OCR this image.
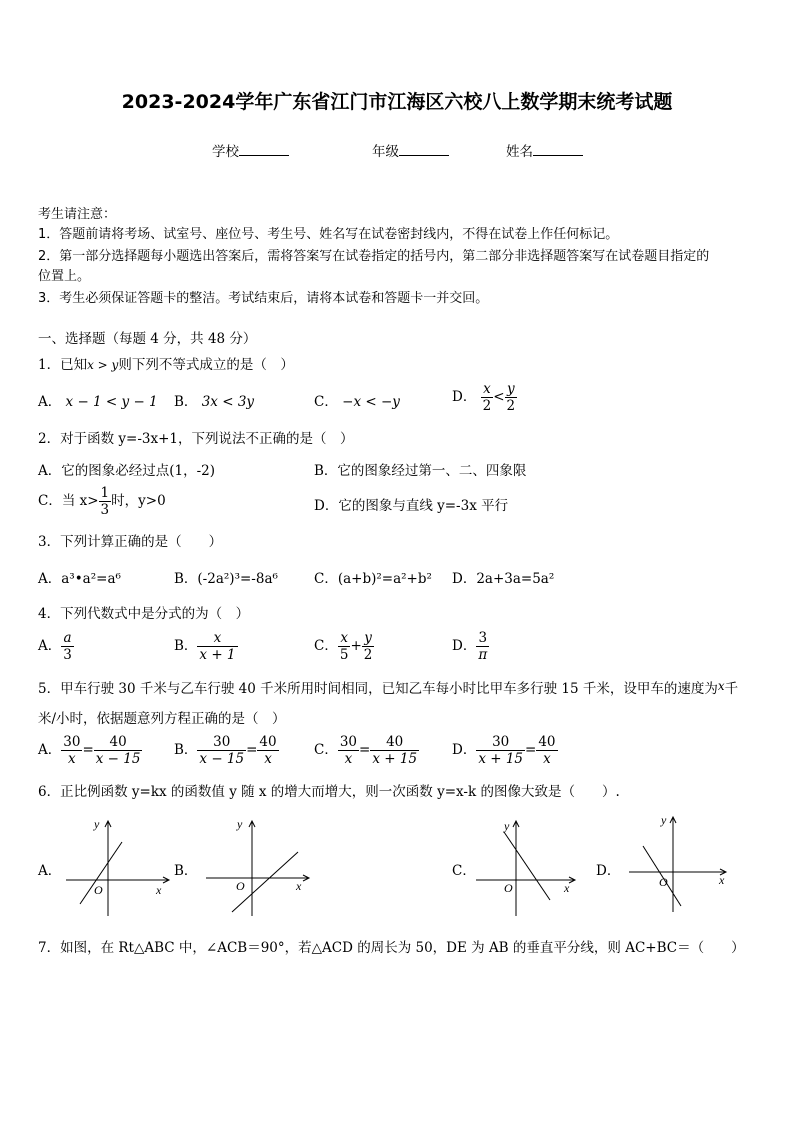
2023-2024学年广东省江门市江海区六校八上数学期末统考试题
学校	年级	姓名
考生请注意：
1．答题前请将考场、试室号、座位号、考生号、姓名写在试卷密封线内，不得在试卷上作任何标记。
2．第一部分选择题每小题选出答案后，需将答案写在试卷指定的括号内，第二部分非选择题答案写在试卷题目指定的
位置上。
3．考生必须保证答题卡的整洁。考试结束后，请将本试卷和答题卡一并交回。
一、选择题（每题 4 分，共 48 分）
1．已知x > y则下列不等式成立的是（　）
A． x − 1 < y − 1 B． 3x < 3y	C． −x < −y	D． $\frac{x}{2} < \frac{y}{2}$
2．对于函数 y=-3x+1，下列说法不正确的是（　）
A．它的图象必经过点(1，-2)	B．它的图象经过第一、二、四象限
C．当 $x> \frac{1}{3}$ 时，y>0	D．它的图象与直线 y=-3x 平行
3．下列计算正确的是（　　）
A．a³•a²=a⁶	B．(-2a²)³=-8a⁶	C．(a+b)²=a²+b² D．2a+3a=5a²
4．下列代数式中是分式的为（　）
A． $\frac{a}{3}$	B． $\frac{x}{x + 1}$	C． $\frac{x}{5} + \frac{y}{2}$	D． $\frac{3}{\pi}$
5．甲车行驶 30 千米与乙车行驶 40 千米所用时间相同，已知乙车每小时比甲车多行驶 15 千米，设甲车的速度为x千
米/小时，依据题意列方程正确的是（　）
A． $\frac{30}{x} = \frac{40}{x - 15}$ B． $\frac{30}{x - 15} = \frac{40}{x}$	C． $\frac{30}{x} = \frac{40}{x + 15}$ D． $\frac{30}{x + 15} = \frac{40}{x}$
6．正比例函数 y=kx 的函数值 y 随 x 的增大而增大，则一次函数 y=x-k 的图像大致是（　　）.
A．	B．	C．	D．
y
x
O
y
x
O
y
x
O
y
x
O
7．如图，在 Rt△ABC 中，∠ACB＝90°，若△ACD 的周长为 50，DE 为 AB 的垂直平分线，则 AC+BC＝（　　）
